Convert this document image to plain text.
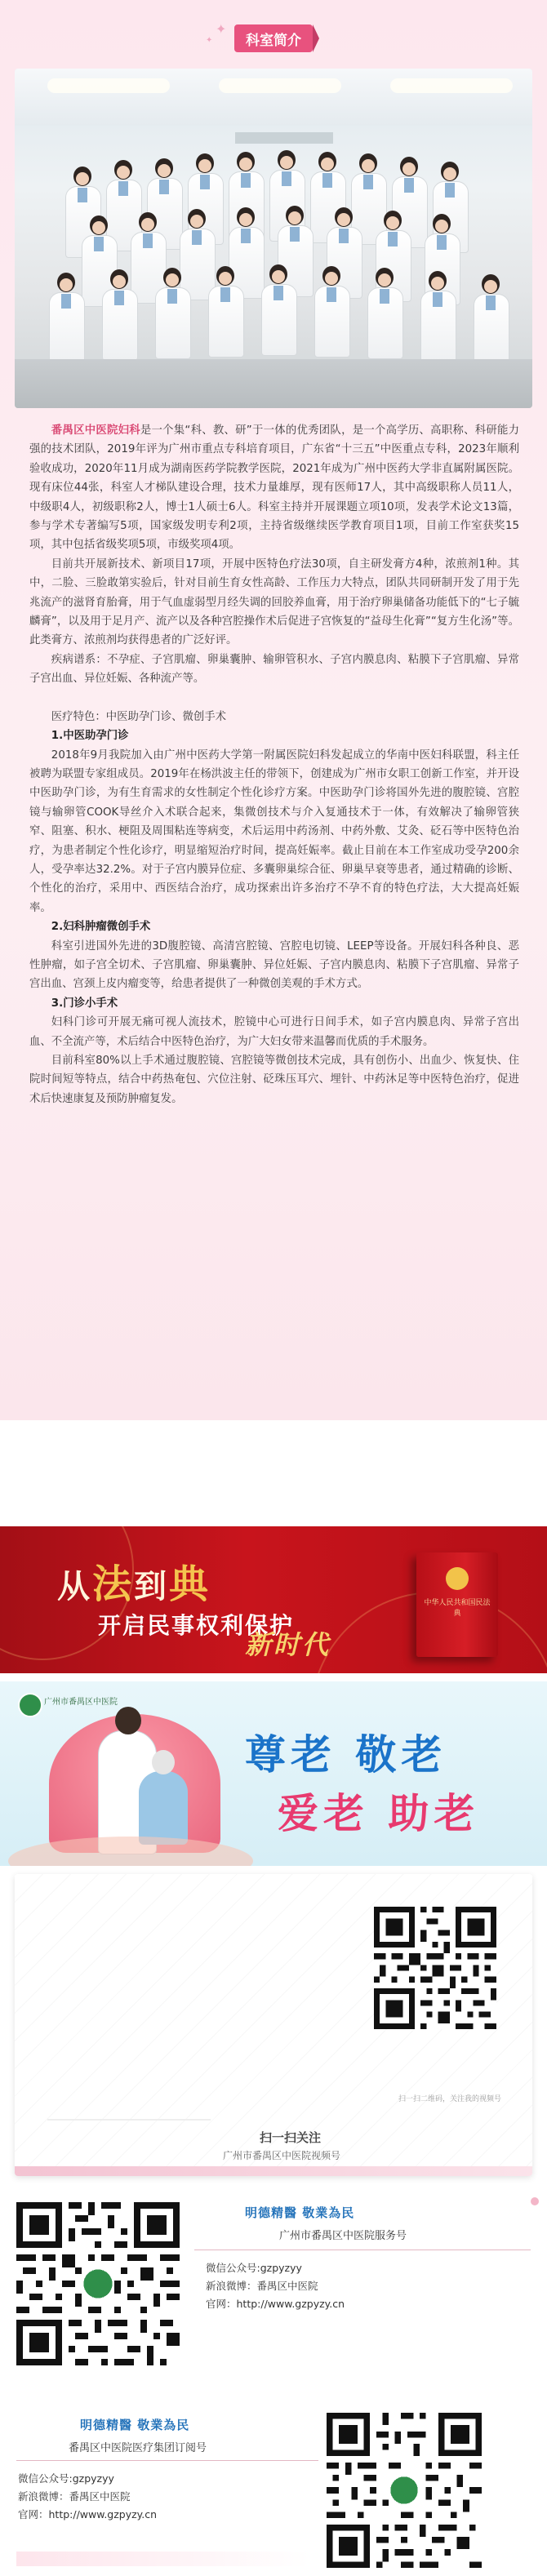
✦
✦	科室简介

番禺区中医院妇科是一个集“科、教、研”于一体的优秀团队，是一个高学历、高职称、科研能力强的技术团队，2019年评为广州市重点专科培育项目，广东省“十三五”中医重点专科，2023年顺利验收成功，2020年11月成为湖南医药学院教学医院，2021年成为广州中医药大学非直属附属医院。现有床位44张，科室人才梯队建设合理，技术力量雄厚，现有医师17人，其中高级职称人员11人，中级职4人，初级职称2人，博士1人硕士6人。科室主持并开展课题立项10项，发表学术论文13篇，参与学术专著编写5项，国家级发明专利2项，主持省级继续医学教育项目1项，目前工作室获奖15项，其中包括省级奖项5项，市级奖项4项。

目前共开展新技术、新项目17项，开展中医特色疗法30项，自主研发膏方4种，浓煎剂1种。其中，二脸、三脸敢第实验后，针对目前生育女性高龄、工作压力大特点，团队共同研制开发了用于先兆流产的滋肾育胎膏，用于气血虚弱型月经失调的回胶养血膏，用于治疗卵巢储备功能低下的“七子毓麟膏”，以及用于足月产、流产以及各种宫腔操作术后促进子宫恢复的“益母生化膏”“复方生化汤”等。此类膏方、浓煎剂均获得患者的广泛好评。

疾病谱系：不孕症、子宫肌瘤、卵巢囊肿、输卵管积水、子宫内膜息肉、粘膜下子宫肌瘤、异常子宫出血、异位妊娠、各种流产等。

医疗特色：中医助孕门诊、微创手术

1.中医助孕门诊

2018年9月我院加入由广州中医药大学第一附属医院妇科发起成立的华南中医妇科联盟，科主任被聘为联盟专家组成员。2019年在杨洪波主任的带领下，创建成为广州市女职工创新工作室，并开设中医助孕门诊，为有生育需求的女性制定个性化诊疗方案。中医助孕门诊将国外先进的腹腔镜、宫腔镜与输卵管COOK导丝介入术联合起来，集微创技术与介入复通技术于一体，有效解决了输卵管狭窄、阻塞、积水、梗阻及周围粘连等病变，术后运用中药汤剂、中药外敷、艾灸、砭石等中医特色治疗，为患者制定个性化诊疗，明显缩短治疗时间，提高妊娠率。截止目前在本工作室成功受孕200余人，受孕率达32.2%。对于子宫内膜异位症、多囊卵巢综合征、卵巢早衰等患者，通过精确的诊断、个性化的治疗，采用中、西医结合治疗，成功探索出许多治疗不孕不育的特色疗法，大大提高妊娠率。

2.妇科肿瘤微创手术

科室引进国外先进的3D腹腔镜、高清宫腔镜、宫腔电切镜、LEEP等设备。开展妇科各种良、恶性肿瘤，如子宫全切术、子宫肌瘤、卵巢囊肿、异位妊娠、子宫内膜息肉、粘膜下子宫肌瘤、异常子宫出血、宫颈上皮内瘤变等，给患者提供了一种微创美观的手术方式。

3.门诊小手术

妇科门诊可开展无痛可视人流技术，腔镜中心可进行日间手术，如子宫内膜息肉、异常子宫出血、不全流产等，术后结合中医特色治疗，为广大妇女带来温馨而优质的手术服务。

目前科室80%以上手术通过腹腔镜、宫腔镜等微创技术完成，具有创伤小、出血少、恢复快、住院时间短等特点，结合中药热奄包、穴位注射、砭珠压耳穴、埋针、中药沐足等中医特色治疗，促进术后快速康复及预防肿瘤复发。

从法到典
开启民事权利保护
新时代
中华人民共和国民法典
广州市番禺区中医院
尊老 敬老
爱老 助老
扫一扫二维码，关注我的视频号
扫一扫关注
广州市番禺区中医院视频号
明德精醫 敬業為民
广州市番禺区中医院服务号
微信公众号:gzpyzyy
新浪微博：番禺区中医院
官网：http://www.gzpyzy.cn
明德精醫 敬業為民
番禺区中医院医疗集团订阅号
微信公众号:gzpyzyy
新浪微博：番禺区中医院
官网：http://www.gzpyzy.cn
